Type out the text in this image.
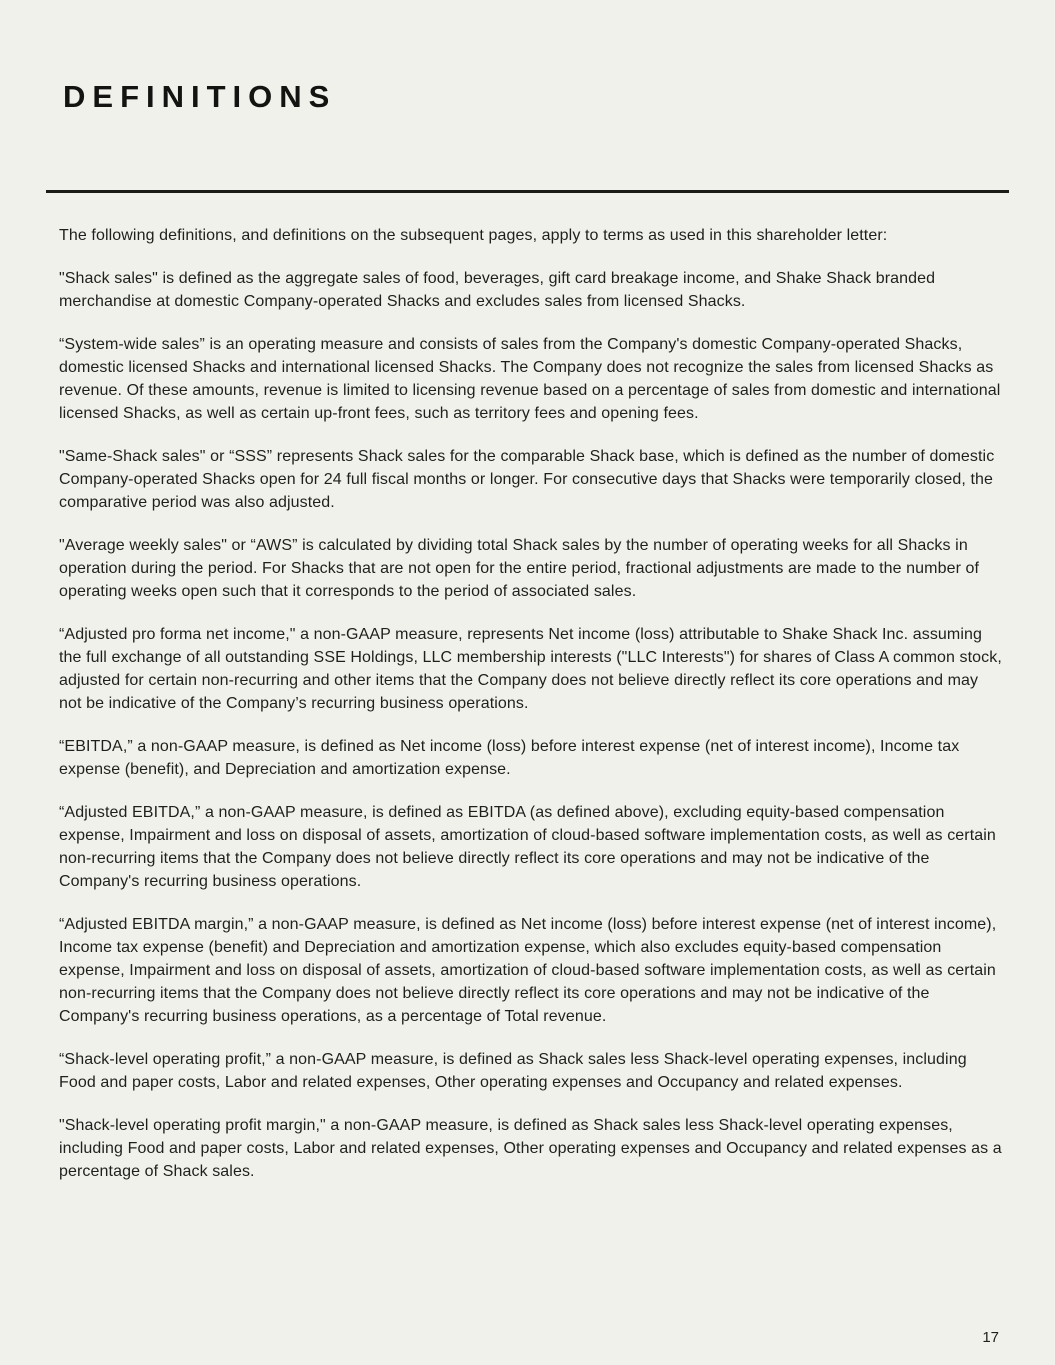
DEFINITIONS

The following definitions, and definitions on the subsequent pages, apply to terms as used in this shareholder letter:

"Shack sales" is defined as the aggregate sales of food, beverages, gift card breakage income, and Shake Shack branded merchandise at domestic Company-operated Shacks and excludes sales from licensed Shacks.

“System-wide sales” is an operating measure and consists of sales from the Company's domestic Company-operated Shacks, domestic licensed Shacks and international licensed Shacks. The Company does not recognize the sales from licensed Shacks as revenue. Of these amounts, revenue is limited to licensing revenue based on a percentage of sales from domestic and international licensed Shacks, as well as certain up-front fees, such as territory fees and opening fees.

"Same-Shack sales" or “SSS” represents Shack sales for the comparable Shack base, which is defined as the number of domestic Company-operated Shacks open for 24 full fiscal months or longer. For consecutive days that Shacks were temporarily closed, the comparative period was also adjusted.

"Average weekly sales" or “AWS” is calculated by dividing total Shack sales by the number of operating weeks for all Shacks in operation during the period. For Shacks that are not open for the entire period, fractional adjustments are made to the number of operating weeks open such that it corresponds to the period of associated sales.

“Adjusted pro forma net income," a non-GAAP measure, represents Net income (loss) attributable to Shake Shack Inc. assuming the full exchange of all outstanding SSE Holdings, LLC membership interests ("LLC Interests") for shares of Class A common stock, adjusted for certain non-recurring and other items that the Company does not believe directly reflect its core operations and may not be indicative of the Company’s recurring business operations.

“EBITDA,” a non-GAAP measure, is defined as Net income (loss) before interest expense (net of interest income), Income tax expense (benefit), and Depreciation and amortization expense.

“Adjusted EBITDA,” a non-GAAP measure, is defined as EBITDA (as defined above), excluding equity-based compensation expense, Impairment and loss on disposal of assets, amortization of cloud-based software implementation costs, as well as certain non-recurring items that the Company does not believe directly reflect its core operations and may not be indicative of the Company's recurring business operations.

“Adjusted EBITDA margin,” a non-GAAP measure, is defined as Net income (loss) before interest expense (net of interest income), Income tax expense (benefit) and Depreciation and amortization expense, which also excludes equity-based compensation expense, Impairment and loss on disposal of assets, amortization of cloud-based software implementation costs, as well as certain non-recurring items that the Company does not believe directly reflect its core operations and may not be indicative of the Company's recurring business operations, as a percentage of Total revenue.

“Shack-level operating profit,” a non-GAAP measure, is defined as Shack sales less Shack-level operating expenses, including Food and paper costs, Labor and related expenses, Other operating expenses and Occupancy and related expenses.

"Shack-level operating profit margin," a non-GAAP measure, is defined as Shack sales less Shack-level operating expenses, including Food and paper costs, Labor and related expenses, Other operating expenses and Occupancy and related expenses as a percentage of Shack sales.

17
